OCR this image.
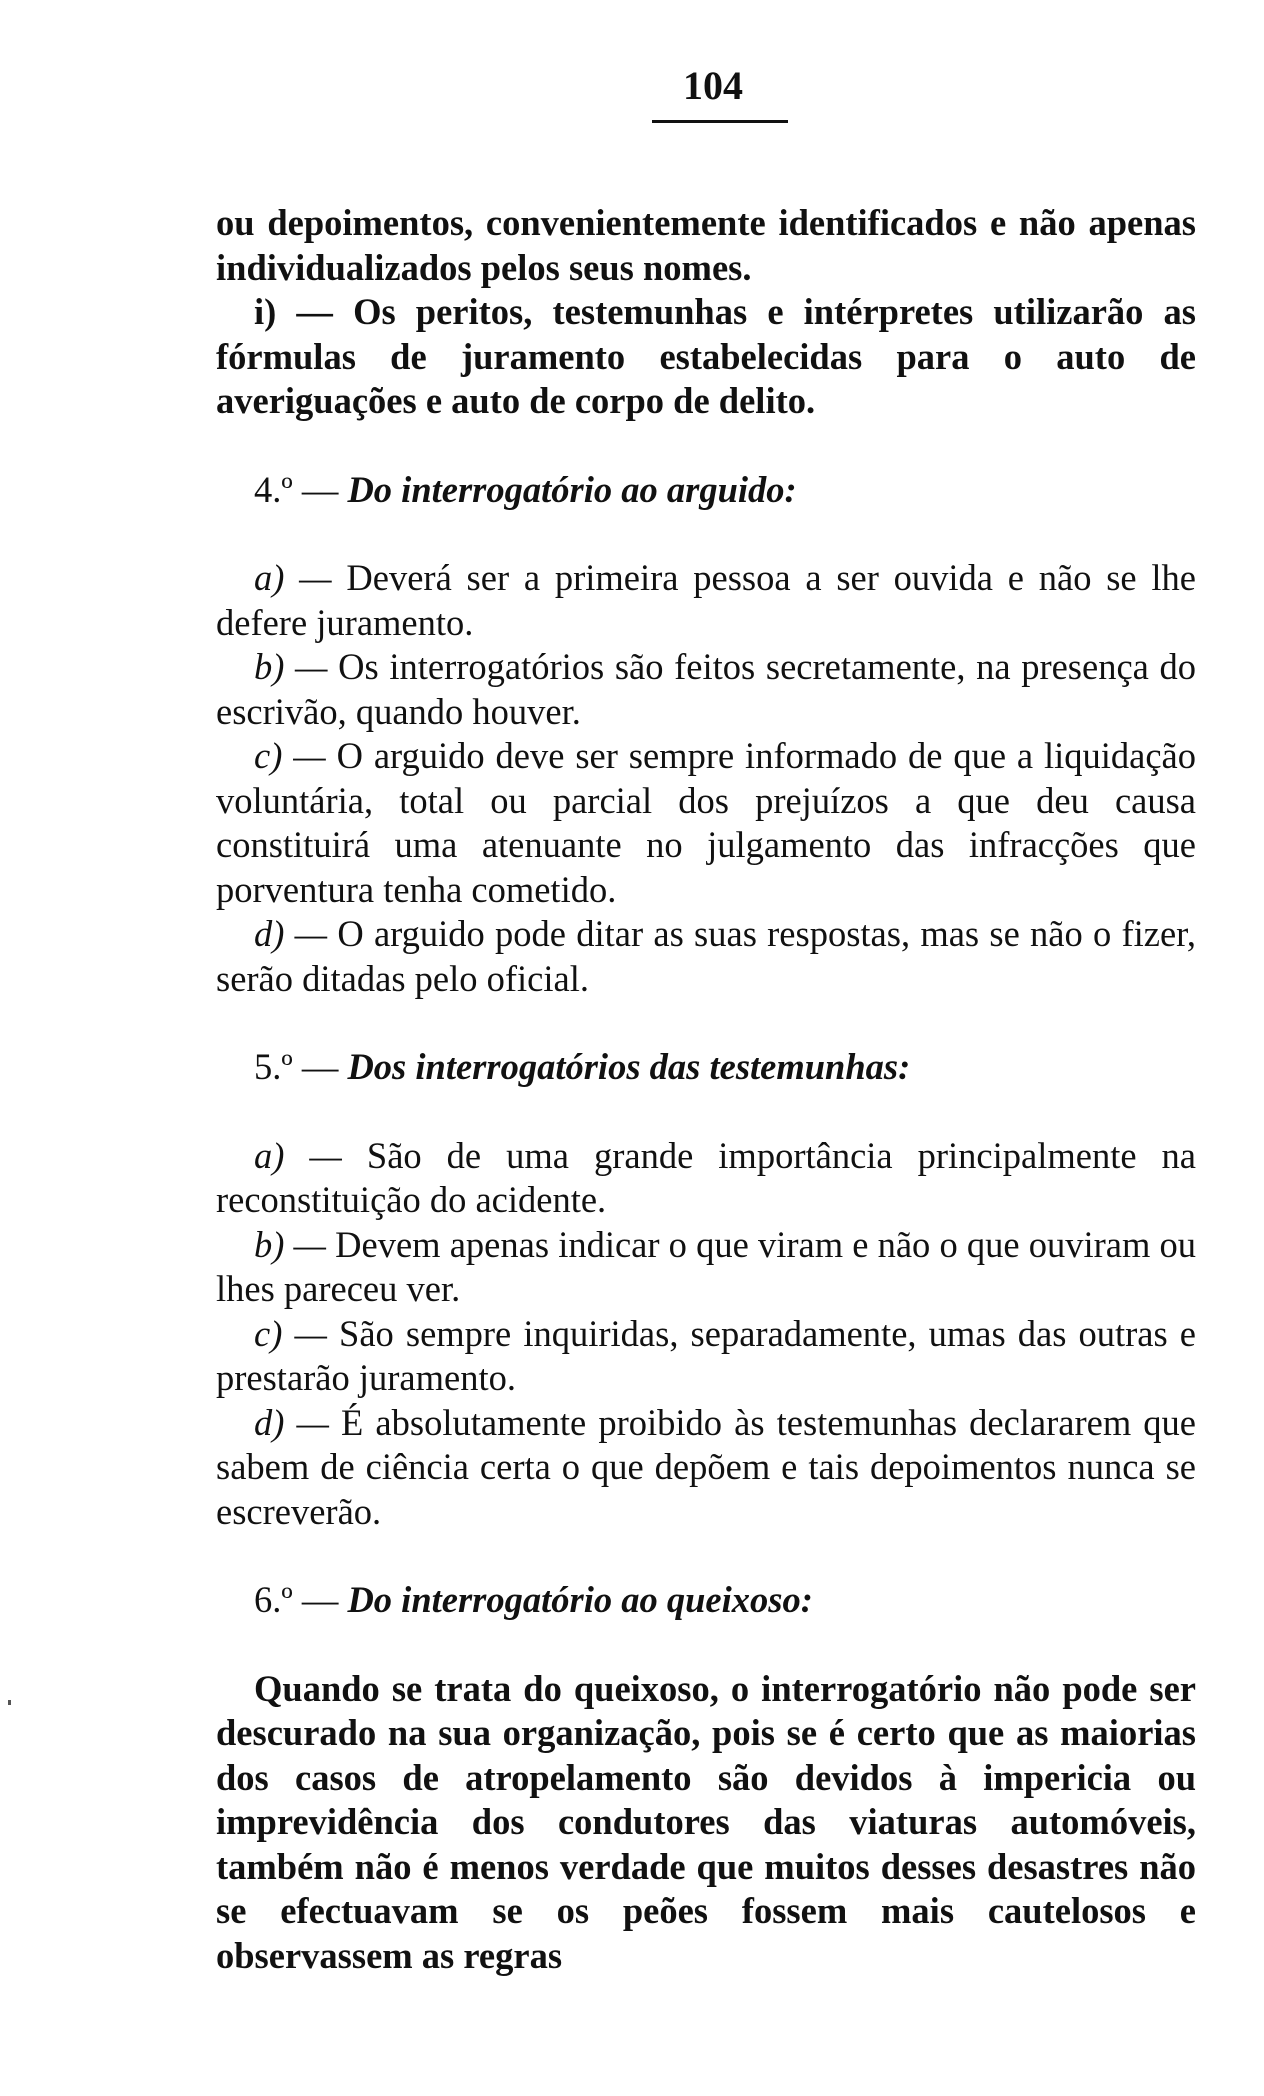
104

ou depoimentos, convenientemente identificados e não apenas individualizados pelos seus nomes.

i) — Os peritos, testemunhas e intérpretes utilizarão as fórmulas de juramento estabelecidas para o auto de averiguações e auto de corpo de delito.

4.º — Do interrogatório ao arguido:

a) — Deverá ser a primeira pessoa a ser ouvida e não se lhe defere juramento.

b) — Os interrogatórios são feitos secretamente, na presença do escrivão, quando houver.

c) — O arguido deve ser sempre informado de que a liquidação voluntária, total ou parcial dos prejuízos a que deu causa constituirá uma atenuante no julgamento das infracções que porventura tenha cometido.

d) — O arguido pode ditar as suas respostas, mas se não o fizer, serão ditadas pelo oficial.

5.º — Dos interrogatórios das testemunhas:

a) — São de uma grande importância principalmente na reconstituição do acidente.

b) — Devem apenas indicar o que viram e não o que ouviram ou lhes pareceu ver.

c) — São sempre inquiridas, separadamente, umas das outras e prestarão juramento.

d) — É absolutamente proibido às testemunhas declararem que sabem de ciência certa o que depõem e tais depoimentos nunca se escreverão.

6.º — Do interrogatório ao queixoso:

Quando se trata do queixoso, o interrogatório não pode ser descurado na sua organização, pois se é certo que as maiorias dos casos de atropelamento são devidos à impericia ou imprevidência dos condutores das viaturas automóveis, também não é menos verdade que muitos desses desastres não se efectuavam se os peões fossem mais cautelosos e observassem as regras
